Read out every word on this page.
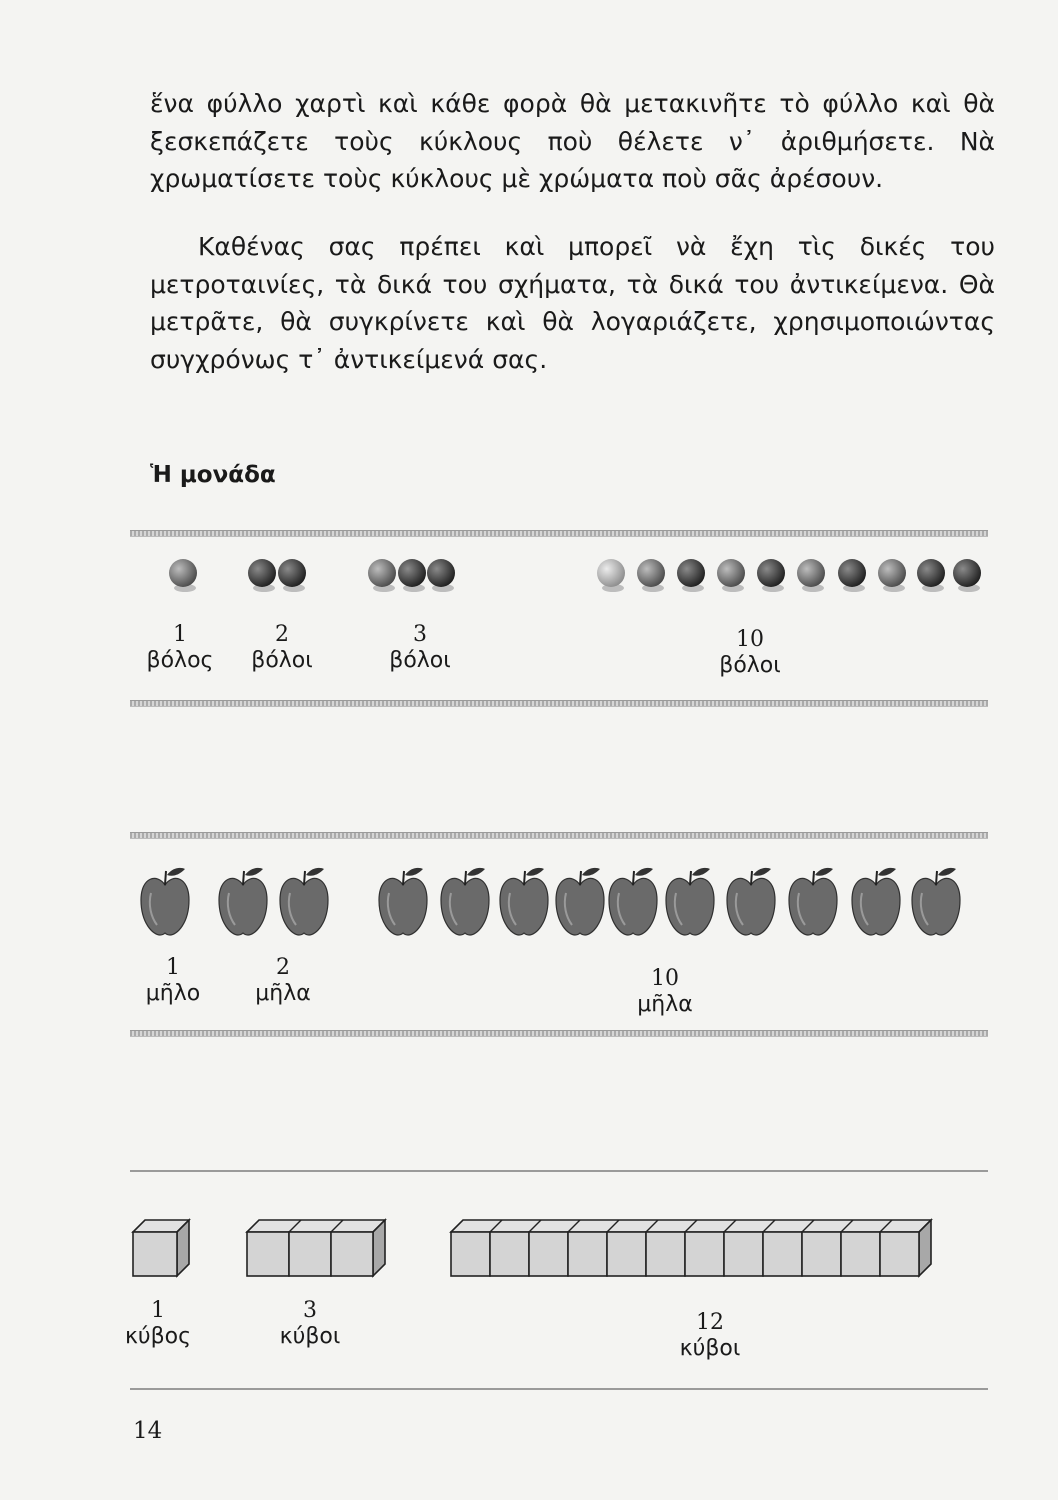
ἕνα φύλλο χαρτὶ καὶ κάθε φορὰ θὰ μετακινῆτε τὸ φύλλο καὶ θὰ ξεσκεπάζετε τοὺς κύκλους ποὺ θέλετε ν᾽ ἀριθμήσετε. Νὰ χρωματίσετε τοὺς κύκλους μὲ χρώματα ποὺ σᾶς ἀρέσουν.

Καθένας σας πρέπει καὶ μπορεῖ νὰ ἔχη τὶς δικές του μετροταινίες, τὰ δικά του σχήματα, τὰ δικά του ἀντικείμενα. Θὰ μετρᾶτε, θὰ συγκρίνετε καὶ θὰ λογαριάζετε, χρησιμοποιώντας συγχρόνως τ᾽ ἀντικείμενά σας.

Ἡ μονάδα
1
βόλος
2
βόλοι
3
βόλοι
10
βόλοι
1
μῆλο
2
μῆλα
10
μῆλα
1
κύβος
3
κύβοι
12
κύβοι
14
